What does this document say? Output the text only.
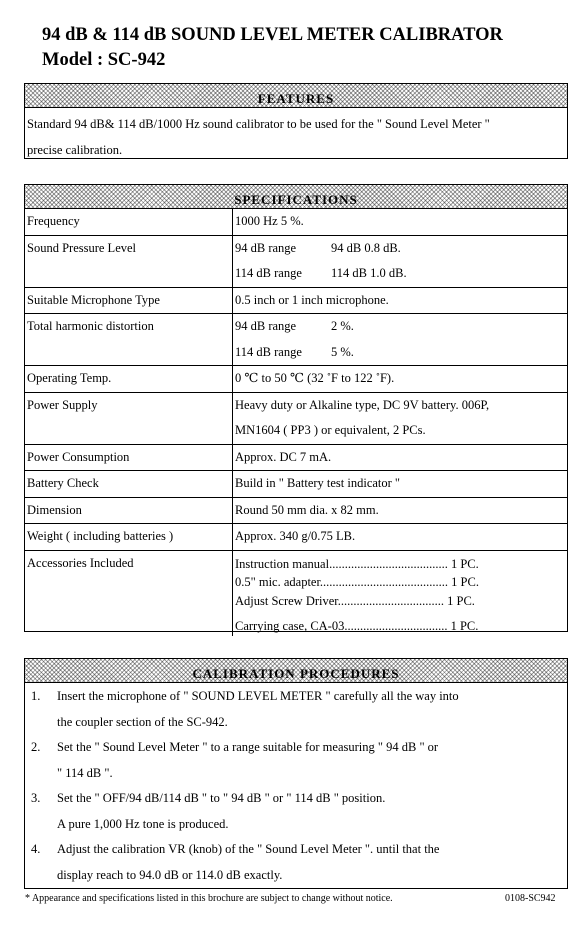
94 dB & 114 dB SOUND LEVEL METER CALIBRATOR
Model : SC-942
FEATURES
Standard 94 dB& 114 dB/1000 Hz sound calibrator to be used for the " Sound Level Meter "
precise calibration.
SPECIFICATIONS
Frequency	1000 Hz 5 %.
Sound Pressure Level	94 dB range 94 dB 0.8 dB.
114 dB range 114 dB 1.0 dB.

Suitable Microphone Type	0.5 inch or 1 inch microphone.
Total harmonic distortion	94 dB range 2 %.
114 dB range 5 %.

Operating Temp.	0 ℃ to 50 ℃ (32 ˚F to 122 ˚F).
Power Supply	Heavy duty or Alkaline type, DC 9V battery. 006P,
MN1604 ( PP3 ) or equivalent, 2 PCs.

Power Consumption	Approx. DC 7 mA.
Battery Check	Build in " Battery test indicator "
Dimension	Round 50 mm dia. x 82 mm.
Weight ( including batteries )	Approx. 340 g/0.75 LB.
Accessories Included	Instruction manual...................................... 1 PC.
0.5" mic. adapter......................................... 1 PC.
Adjust Screw Driver.................................. 1 PC.
Carrying case, CA-03................................. 1 PC.
CALIBRATION PROCEDURES
1. Insert the microphone of " SOUND LEVEL METER " carefully all the way into
the coupler section of the SC-942.
2. Set the " Sound Level Meter " to a range suitable for measuring " 94 dB " or
" 114 dB ".
3. Set the " OFF/94 dB/114 dB " to " 94 dB " or " 114 dB " position.
A pure 1,000 Hz tone is produced.
4. Adjust the calibration VR (knob) of the " Sound Level Meter ". until that the
display reach to 94.0 dB or 114.0 dB exactly.
* Appearance and specifications listed in this brochure are subject to change without notice.	0108-SC942
